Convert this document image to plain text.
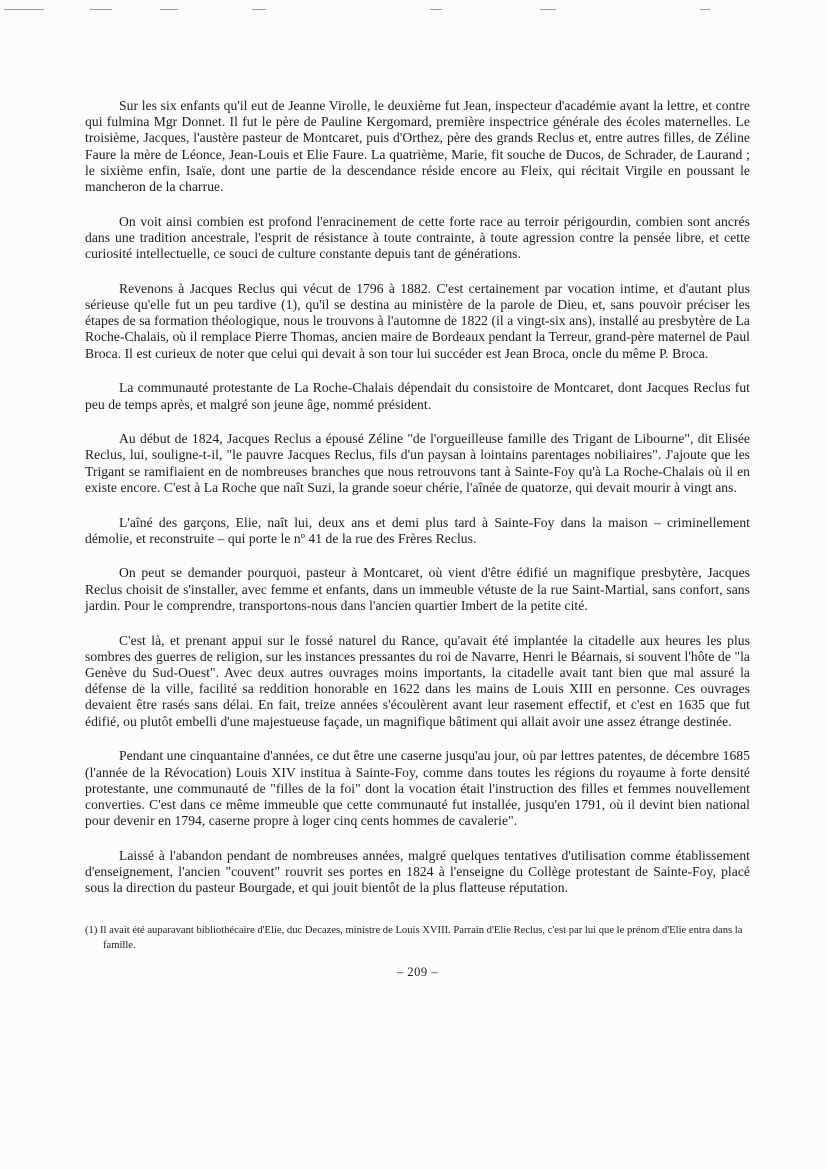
Sur les six enfants qu'il eut de Jeanne Virolle, le deuxième fut Jean, inspecteur d'académie avant la lettre, et contre qui fulmina Mgr Donnet. Il fut le père de Pauline Kergomard, première inspectrice générale des écoles maternelles. Le troisième, Jacques, l'austère pasteur de Montcaret, puis d'Orthez, père des grands Reclus et, entre autres filles, de Zéline Faure la mère de Léonce, Jean-Louis et Elie Faure. La quatrième, Marie, fit souche de Ducos, de Schrader, de Laurand ; le sixième enfin, Isaïe, dont une partie de la descendance réside encore au Fleix, qui récitait Virgile en poussant le mancheron de la charrue.

On voit ainsi combien est profond l'enracinement de cette forte race au terroir périgourdin, combien sont ancrés dans une tradition ancestrale, l'esprit de résistance à toute contrainte, à toute agression contre la pensée libre, et cette curiosité intellectuelle, ce souci de culture constante depuis tant de générations.

Revenons à Jacques Reclus qui vécut de 1796 à 1882. C'est certainement par vocation intime, et d'autant plus sérieuse qu'elle fut un peu tardive (1), qu'il se destina au ministère de la parole de Dieu, et, sans pouvoir préciser les étapes de sa formation théologique, nous le trouvons à l'automne de 1822 (il a vingt-six ans), installé au presbytère de La Roche-Chalais, où il remplace Pierre Thomas, ancien maire de Bordeaux pendant la Terreur, grand-père maternel de Paul Broca. Il est curieux de noter que celui qui devait à son tour lui succéder est Jean Broca, oncle du même P. Broca.

La communauté protestante de La Roche-Chalais dépendait du consistoire de Montcaret, dont Jacques Reclus fut peu de temps après, et malgré son jeune âge, nommé président.

Au début de 1824, Jacques Reclus a épousé Zéline "de l'orgueilleuse famille des Trigant de Libourne", dit Elisée Reclus, lui, souligne-t-il, "le pauvre Jacques Reclus, fils d'un paysan à lointains parentages nobiliaires". J'ajoute que les Trigant se ramifiaient en de nombreuses branches que nous retrouvons tant à Sainte-Foy qu'à La Roche-Chalais où il en existe encore. C'est à La Roche que naît Suzi, la grande soeur chérie, l'aînée de quatorze, qui devait mourir à vingt ans.

L'aîné des garçons, Elie, naît lui, deux ans et demi plus tard à Sainte-Foy dans la maison – criminellement démolie, et reconstruite – qui porte le nº 41 de la rue des Frères Reclus.

On peut se demander pourquoi, pasteur à Montcaret, où vient d'être édifié un magnifique presbytère, Jacques Reclus choisit de s'installer, avec femme et enfants, dans un immeuble vétuste de la rue Saint-Martial, sans confort, sans jardin. Pour le comprendre, transportons-nous dans l'ancien quartier Imbert de la petite cité.

C'est là, et prenant appui sur le fossé naturel du Rance, qu'avait été implantée la citadelle aux heures les plus sombres des guerres de religion, sur les instances pressantes du roi de Navarre, Henri le Béarnais, si souvent l'hôte de "la Genève du Sud-Ouest". Avec deux autres ouvrages moins importants, la citadelle avait tant bien que mal assuré la défense de la ville, facilité sa reddition honorable en 1622 dans les mains de Louis XIII en personne. Ces ouvrages devaient être rasés sans délai. En fait, treize années s'écoulèrent avant leur rasement effectif, et c'est en 1635 que fut édifié, ou plutôt embelli d'une majestueuse façade, un magnifique bâtiment qui allait avoir une assez étrange destinée.

Pendant une cinquantaine d'années, ce dut être une caserne jusqu'au jour, où par lettres patentes, de décembre 1685 (l'année de la Révocation) Louis XIV institua à Sainte-Foy, comme dans toutes les régions du royaume à forte densité protestante, une communauté de "filles de la foi" dont la vocation était l'instruction des filles et femmes nouvellement converties. C'est dans ce même immeuble que cette communauté fut installée, jusqu'en 1791, où il devint bien national pour devenir en 1794, caserne propre à loger cinq cents hommes de cavalerie".

Laissé à l'abandon pendant de nombreuses années, malgré quelques tentatives d'utilisation comme établissement d'enseignement, l'ancien "couvent" rouvrit ses portes en 1824 à l'enseigne du Collège protestant de Sainte-Foy, placé sous la direction du pasteur Bourgade, et qui jouit bientôt de la plus flatteuse réputation.

(1) Il avait été auparavant bibliothécaire d'Elie, duc Decazes, ministre de Louis XVIII. Parrain d'Elie Reclus, c'est par lui que le prénom d'Elie entra dans la famille.

– 209 –
